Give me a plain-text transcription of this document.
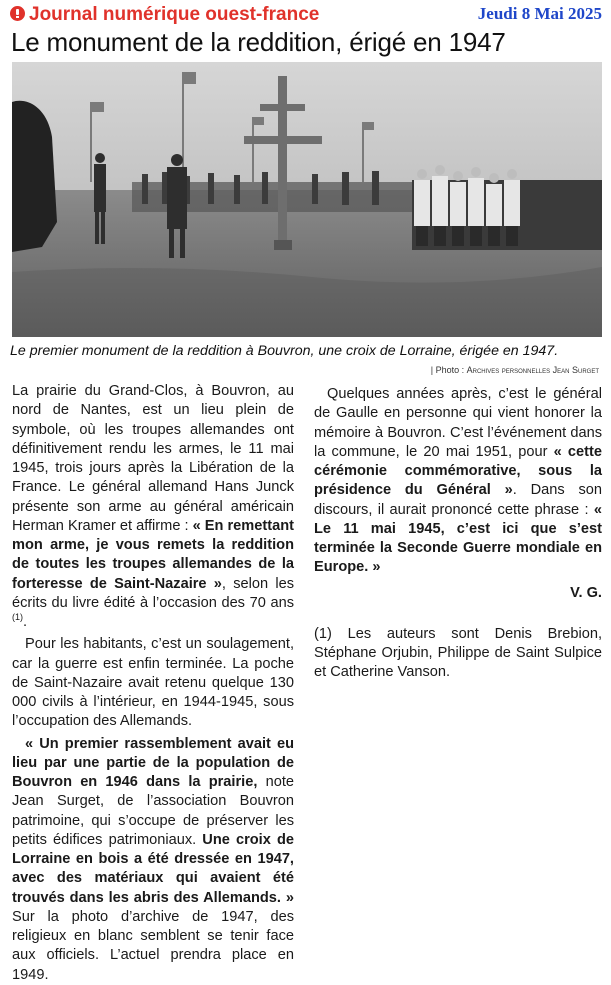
Journal numérique ouest-france	Jeudi 8 Mai 2025
Le monument de la reddition, érigé en 1947

Le premier monument de la reddition à Bouvron, une croix de Lorraine, érigée en 1947.

| Photo : Archives personnelles Jean Surget

La prairie du Grand-Clos, à Bouvron, au nord de Nantes, est un lieu plein de symbole, où les troupes allemandes ont définitivement rendu les armes, le 11 mai 1945, trois jours après la Libération de la France. Le général allemand Hans Junck présente son arme au général américain Herman Kramer et affirme : « En remettant mon arme, je vous remets la reddition de toutes les troupes allemandes de la forteresse de Saint-Nazaire », selon les écrits du livre édité à l’occasion des 70 ans $^{(1)}$.

Pour les habitants, c’est un soulagement, car la guerre est enfin terminée. La poche de Saint-Nazaire avait retenu quelque 130 000 civils à l’intérieur, en 1944-1945, sous l’occupation des Allemands.

« Un premier rassemblement avait eu lieu par une partie de la population de Bouvron en 1946 dans la prairie, note Jean Surget, de l’association Bouvron patrimoine, qui s’occupe de préserver les petits édifices patrimoniaux. Une croix de Lorraine en bois a été dressée en 1947, avec des matériaux qui avaient été trouvés dans les abris des Allemands. » Sur la photo d’archive de 1947, des religieux en blanc semblent se tenir face aux officiels. L’actuel prendra place en 1949.

Quelques années après, c’est le général de Gaulle en personne qui vient honorer la mémoire à Bouvron. C’est l’événement dans la commune, le 20 mai 1951, pour « cette cérémonie commémorative, sous la présidence du Général ». Dans son discours, il aurait prononcé cette phrase : « Le 11 mai 1945, c’est ici que s’est terminée la Seconde Guerre mondiale en Europe. »

V. G.

(1) Les auteurs sont Denis Brebion, Stéphane Orjubin, Philippe de Saint Sulpice et Catherine Vanson.
